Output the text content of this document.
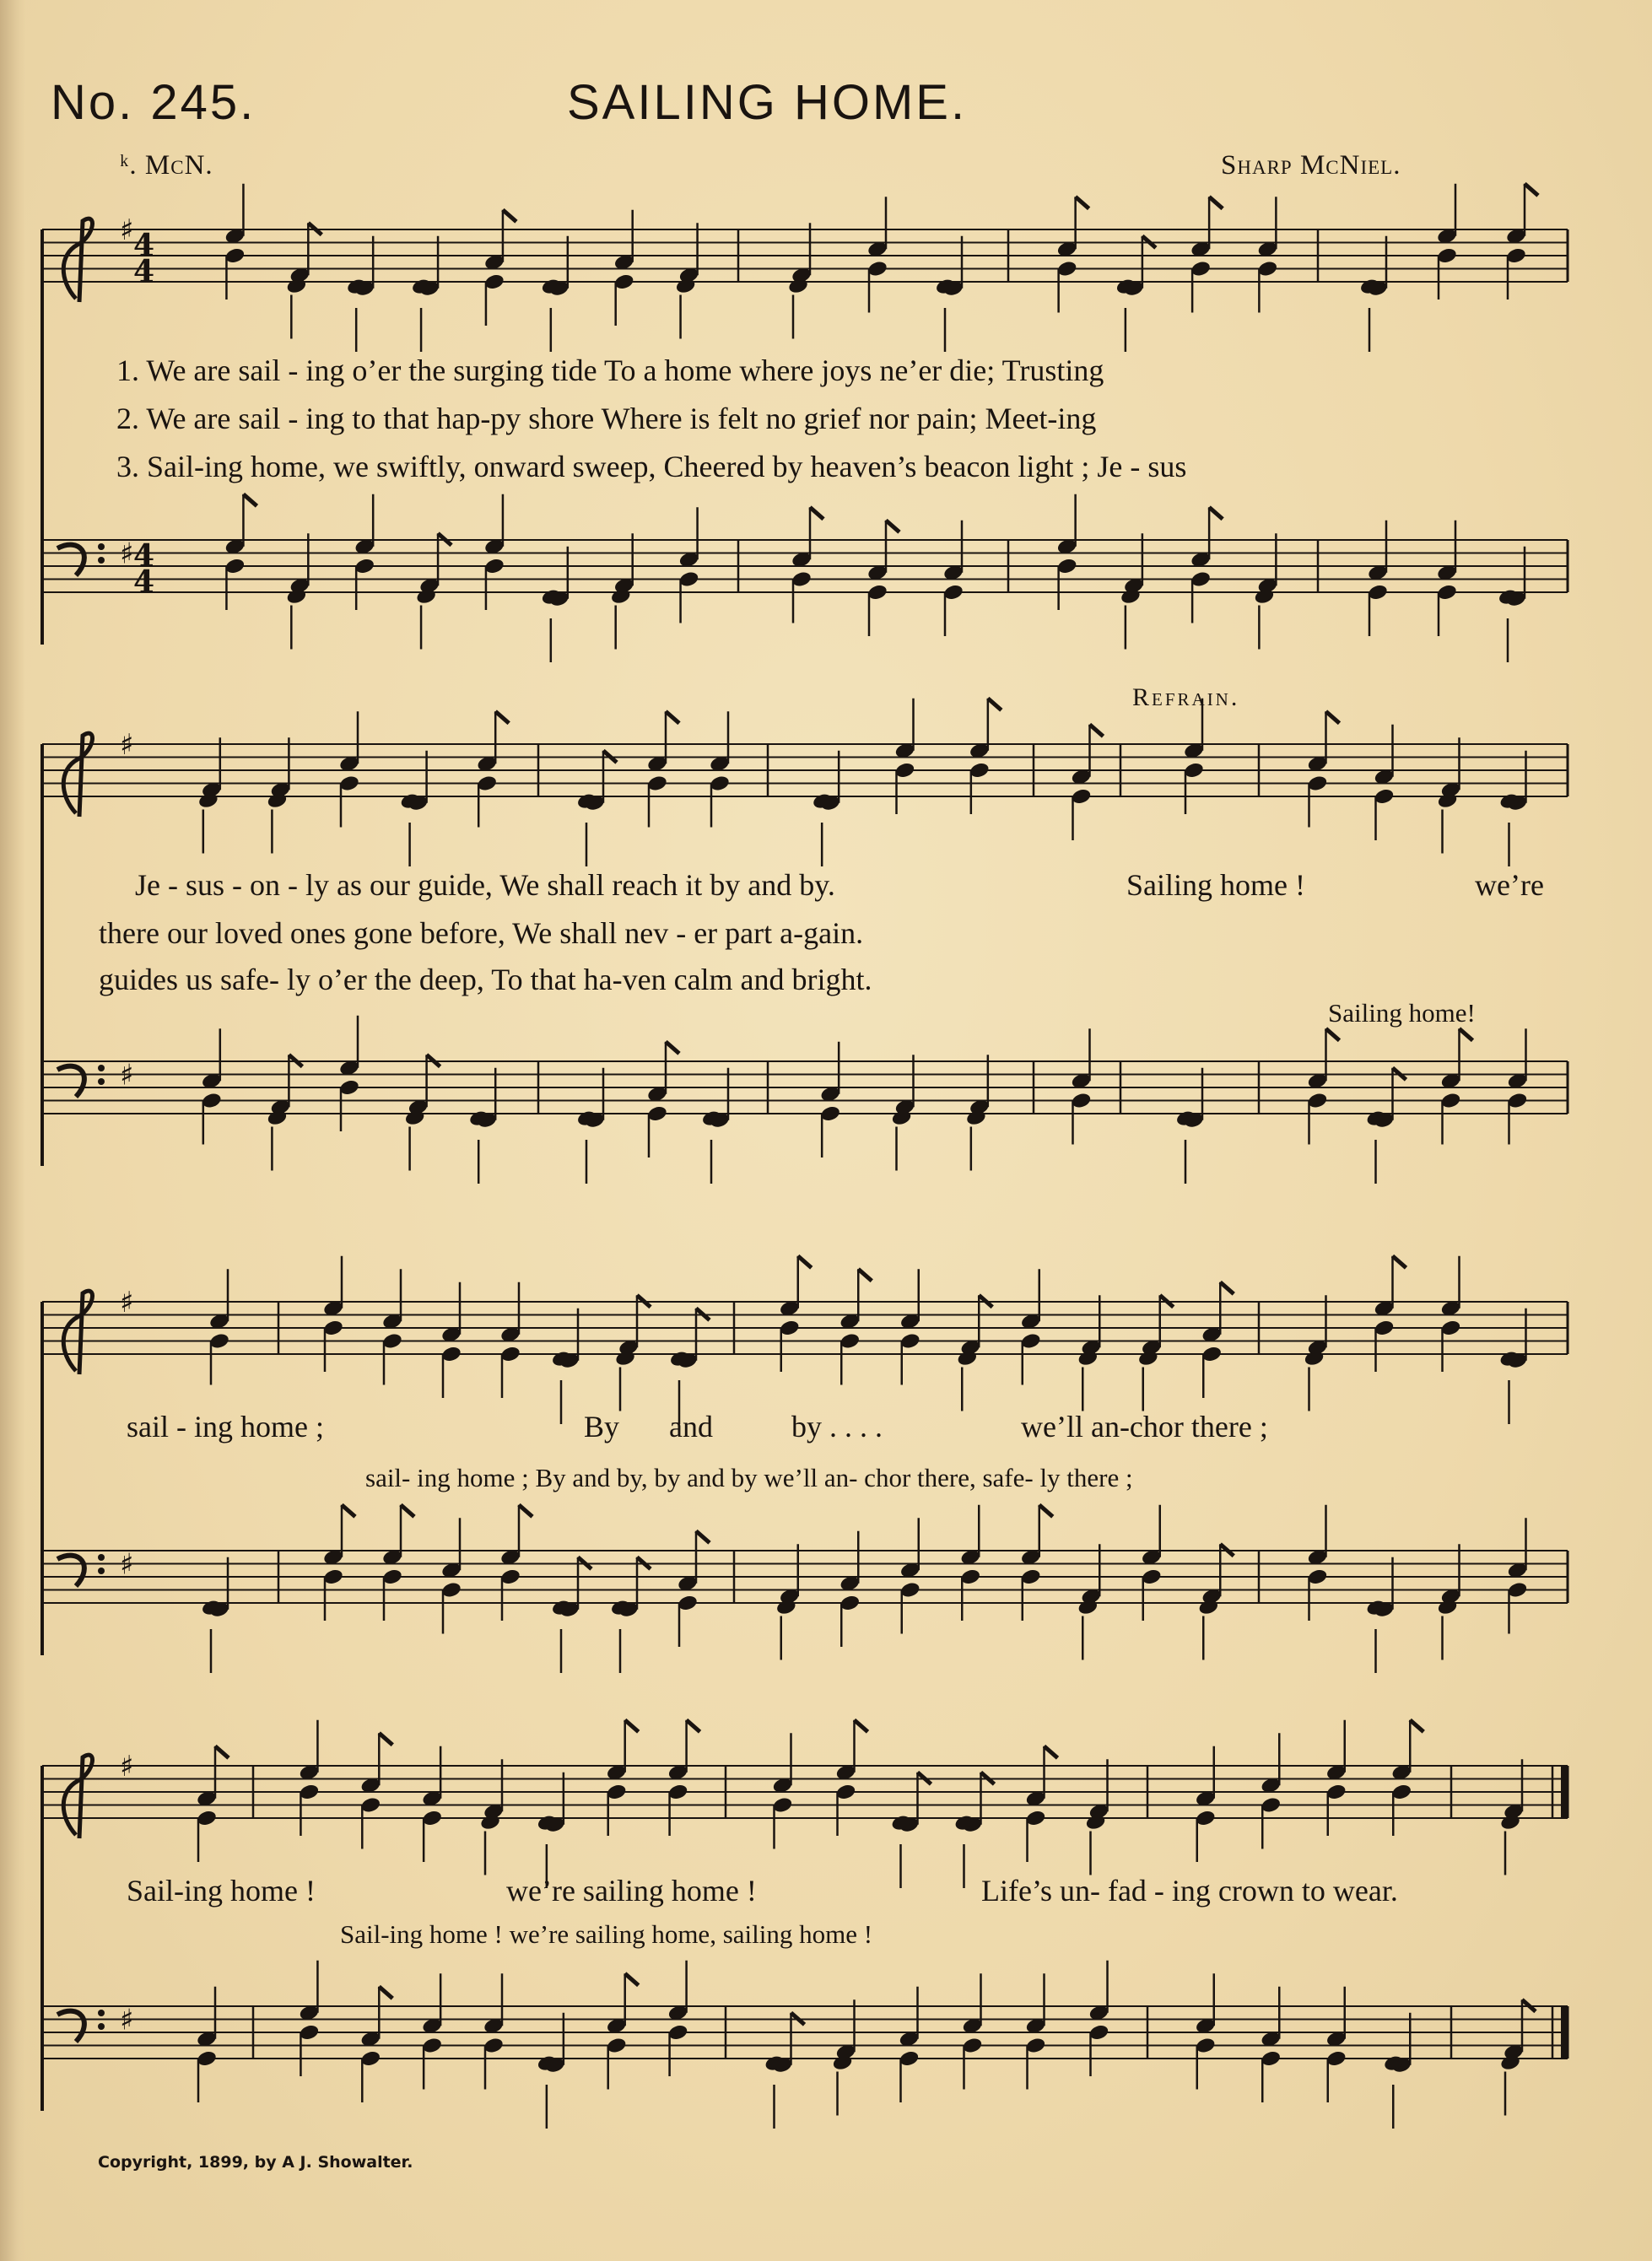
No. 245.	SAILING HOME.
ᵏ. McN.	Sharp McNiel.
♯ 4
4
♯ 4
4
♯
♯
♯
♯
♯
♯
1. We are sail - ing o’er the surging tide To a home where joys ne’er die; Trusting
2. We are sail - ing to that hap-py shore Where is felt no grief nor pain; Meet-ing
3. Sail-ing home, we swiftly, onward sweep, Cheered by heaven’s beacon light ; Je - sus
Refrain.
Je - sus - on - ly as our guide, We shall reach it by and by.
there our loved ones gone before, We shall nev - er part a-gain.
guides us safe- ly o’er the deep, To that ha-ven calm and bright.
Sailing home !	we’re
Sailing home!
sail - ing home ;	By and	by . . . .	we’ll an-chor there ;
sail- ing home ; By and by, by and by we’ll an- chor there, safe- ly there ;
Sail-ing home !	we’re sailing home !	Life’s un- fad - ing crown to wear.
Sail-ing home ! we’re sailing home, sailing home !
Copyright, 1899, by A J. Showalter.
